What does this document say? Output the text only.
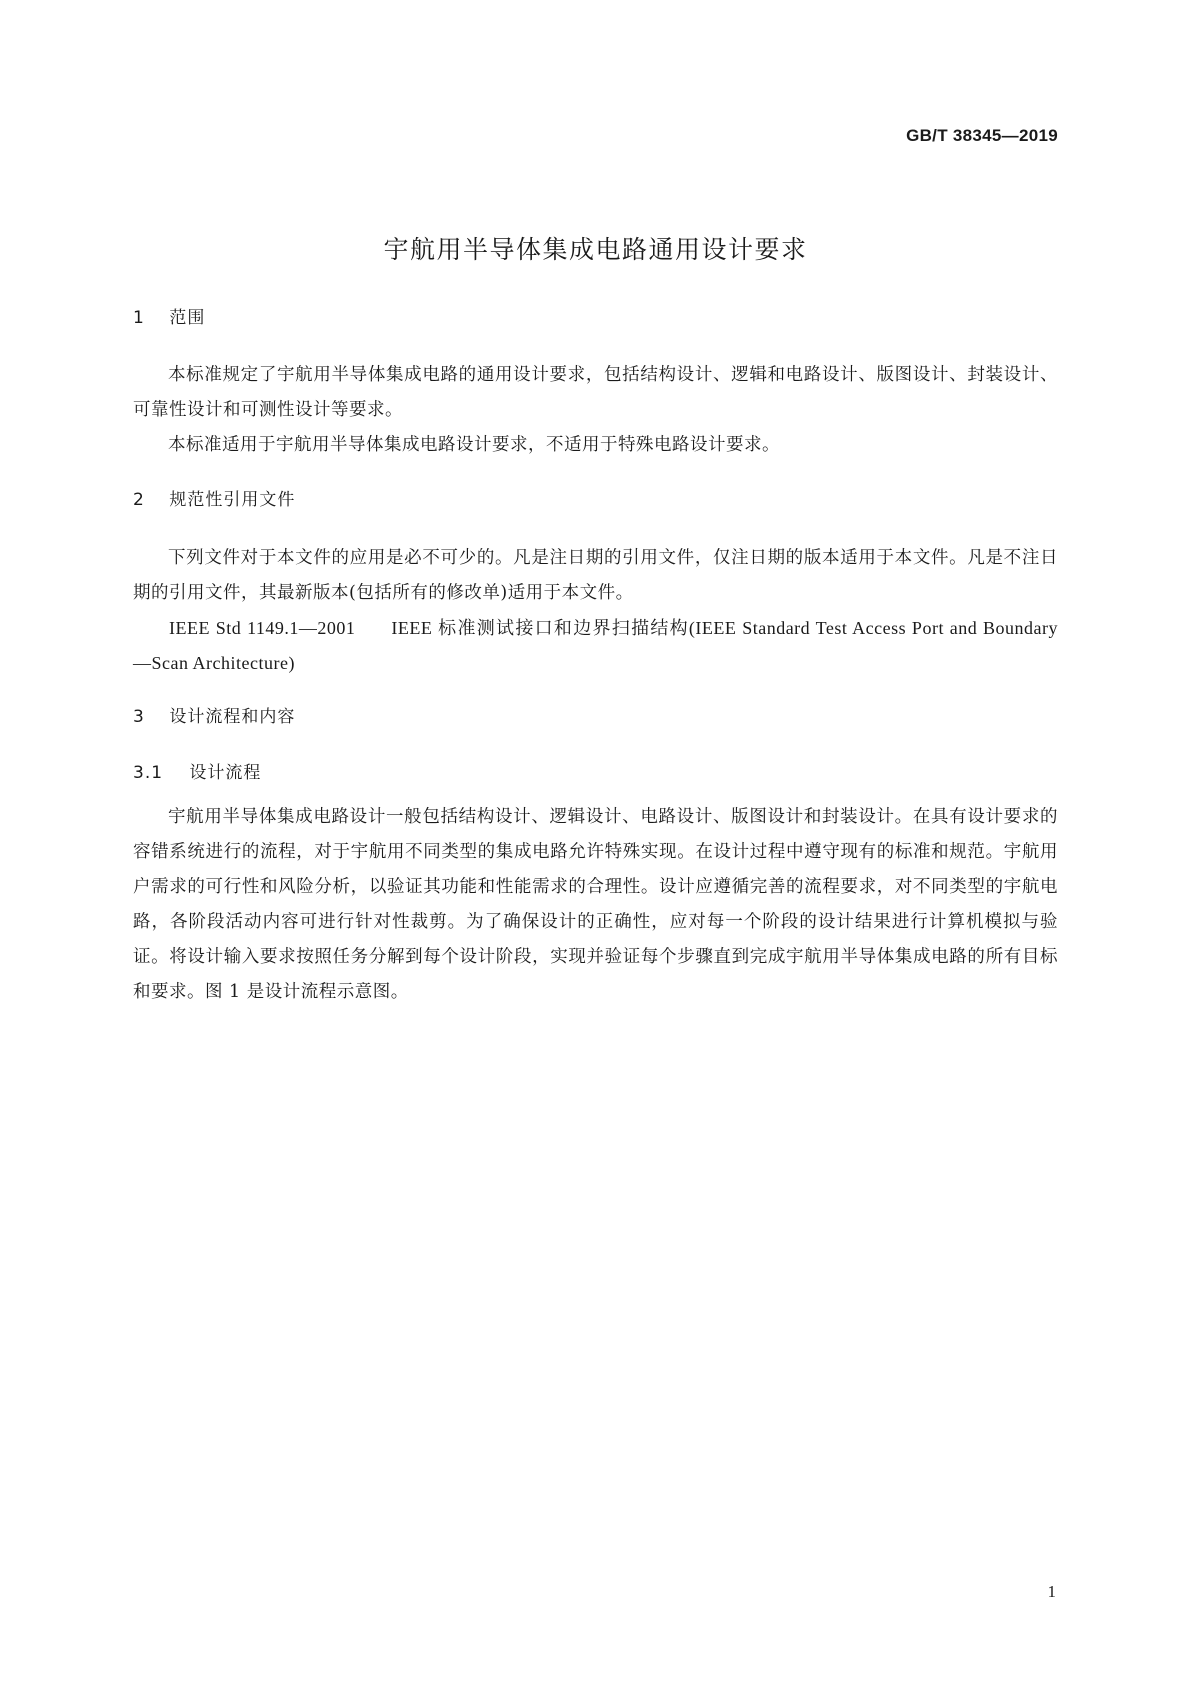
GB/T 38345—2019
宇航用半导体集成电路通用设计要求
1 范围

本标准规定了宇航用半导体集成电路的通用设计要求，包括结构设计、逻辑和电路设计、版图设计、封装设计、可靠性设计和可测性设计等要求。

本标准适用于宇航用半导体集成电路设计要求，不适用于特殊电路设计要求。

2 规范性引用文件

下列文件对于本文件的应用是必不可少的。凡是注日期的引用文件，仅注日期的版本适用于本文件。凡是不注日期的引用文件，其最新版本(包括所有的修改单)适用于本文件。

IEEE Std 1149.1—2001 IEEE 标准测试接口和边界扫描结构(IEEE Standard Test Access Port and Boundary—Scan Architecture)

3 设计流程和内容
3.1 设计流程

宇航用半导体集成电路设计一般包括结构设计、逻辑设计、电路设计、版图设计和封装设计。在具有设计要求的容错系统进行的流程，对于宇航用不同类型的集成电路允许特殊实现。在设计过程中遵守现有的标准和规范。宇航用户需求的可行性和风险分析，以验证其功能和性能需求的合理性。设计应遵循完善的流程要求，对不同类型的宇航电路，各阶段活动内容可进行针对性裁剪。为了确保设计的正确性，应对每一个阶段的设计结果进行计算机模拟与验证。将设计输入要求按照任务分解到每个设计阶段，实现并验证每个步骤直到完成宇航用半导体集成电路的所有目标和要求。图 1 是设计流程示意图。

1
